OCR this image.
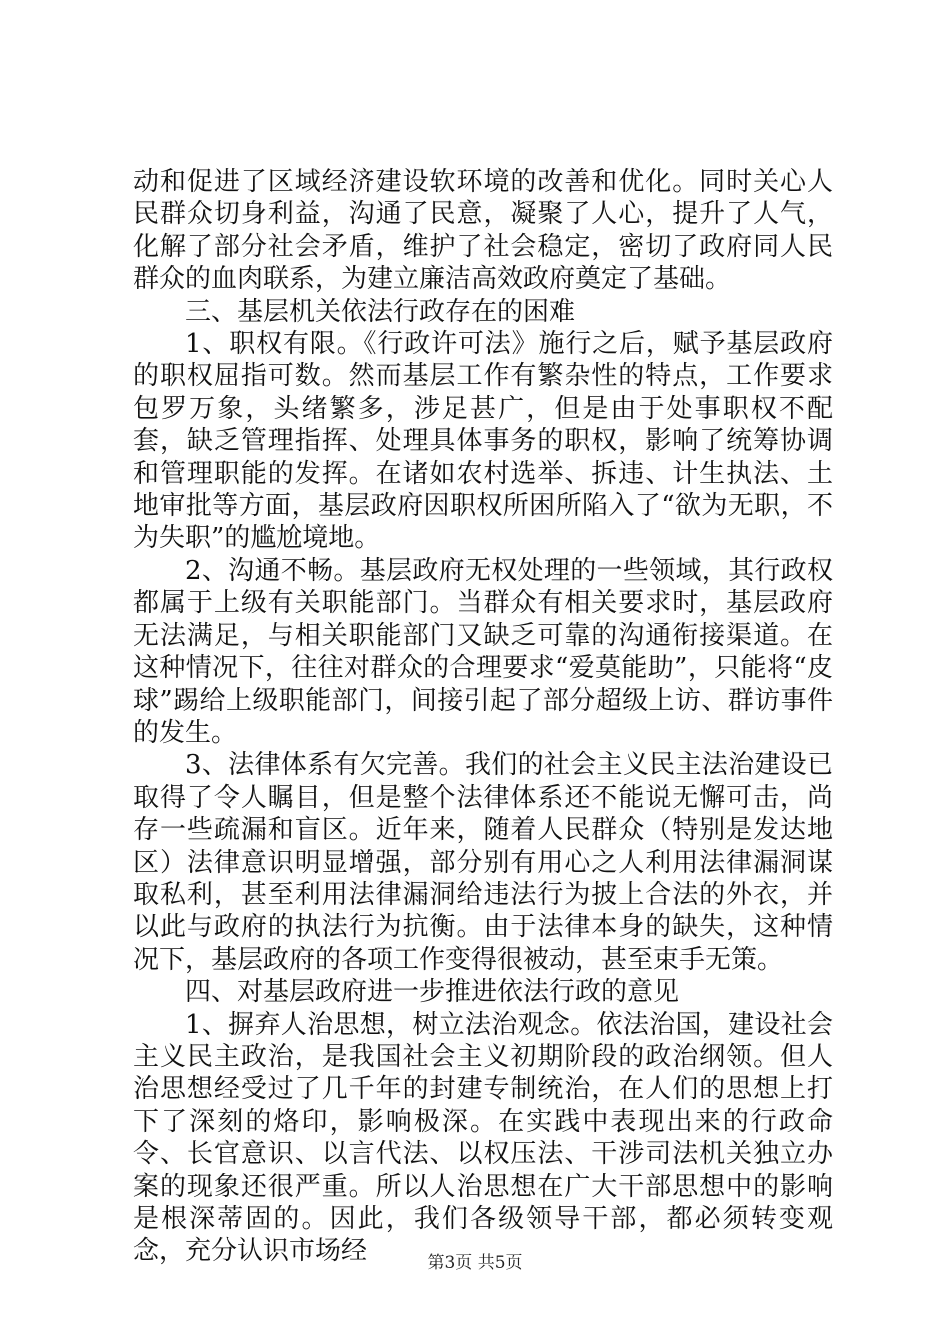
动和促进了区域经济建设软环境的改善和优化。同时关心人民群众切身利益，沟通了民意，凝聚了人心，提升了人气，化解了部分社会矛盾，维护了社会稳定，密切了政府同人民群众的血肉联系，为建立廉洁高效政府奠定了基础。

三、基层机关依法行政存在的困难

1、职权有限。《行政许可法》施行之后，赋予基层政府的职权屈指可数。然而基层工作有繁杂性的特点，工作要求包罗万象，头绪繁多，涉足甚广，但是由于处事职权不配套，缺乏管理指挥、处理具体事务的职权，影响了统筹协调和管理职能的发挥。在诸如农村选举、拆违、计生执法、土地审批等方面，基层政府因职权所困所陷入了“欲为无职，不为失职”的尴尬境地。

2、沟通不畅。基层政府无权处理的一些领域，其行政权都属于上级有关职能部门。当群众有相关要求时，基层政府无法满足，与相关职能部门又缺乏可靠的沟通衔接渠道。在这种情况下，往往对群众的合理要求“爱莫能助”，只能将“皮球”踢给上级职能部门，间接引起了部分超级上访、群访事件的发生。

3、法律体系有欠完善。我们的社会主义民主法治建设已取得了令人瞩目，但是整个法律体系还不能说无懈可击，尚存一些疏漏和盲区。近年来，随着人民群众（特别是发达地区）法律意识明显增强，部分别有用心之人利用法律漏洞谋取私利，甚至利用法律漏洞给违法行为披上合法的外衣，并以此与政府的执法行为抗衡。由于法律本身的缺失，这种情况下，基层政府的各项工作变得很被动，甚至束手无策。

四、对基层政府进一步推进依法行政的意见

1、摒弃人治思想，树立法治观念。依法治国，建设社会主义民主政治，是我国社会主义初期阶段的政治纲领。但人治思想经受过了几千年的封建专制统治，在人们的思想上打下了深刻的烙印，影响极深。在实践中表现出来的行政命令、长官意识、以言代法、以权压法、干涉司法机关独立办案的现象还很严重。所以人治思想在广大干部思想中的影响是根深蒂固的。因此，我们各级领导干部，都必须转变观念，充分认识市场经	第3页 共5页
